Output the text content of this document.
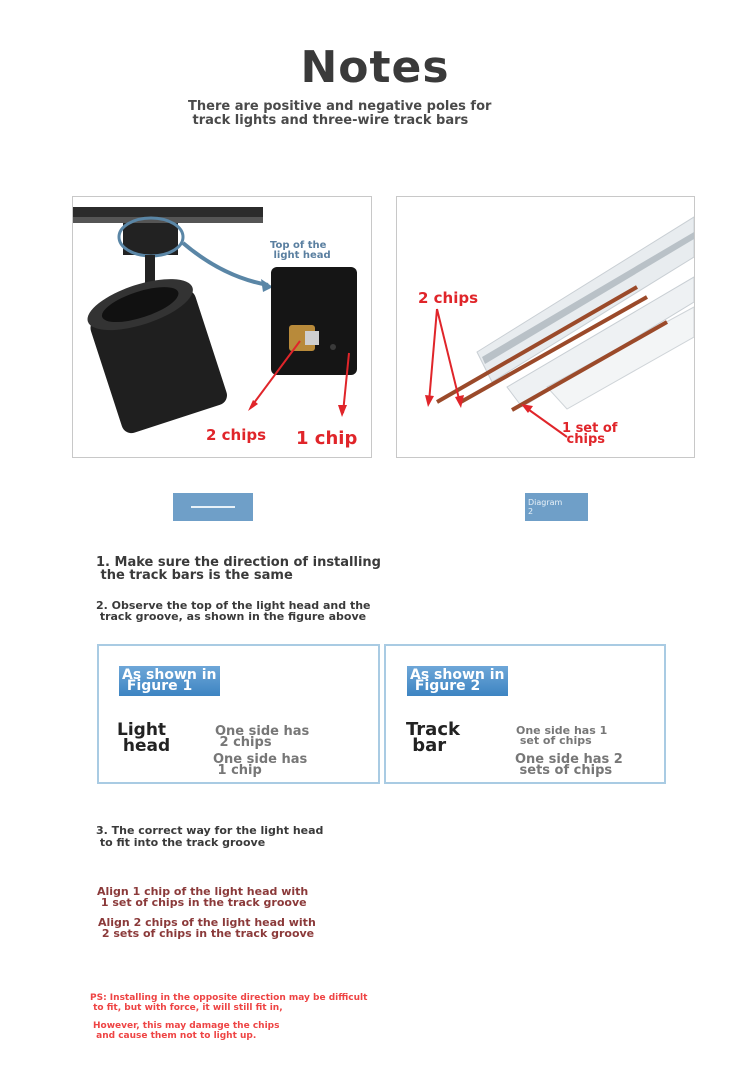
Notes
There are positive and negative poles for
track lights and three-wire track bars
Top of the
light head
2 chips 1 chip
2 chips
1 set of
chips
Diagram
2
1. Make sure the direction of installing
the track bars is the same
2. Observe the top of the light head and the
track groove, as shown in the figure above
As shown in
Figure 1
Light
head
One side has
2 chips
One side has
1 chip
As shown in
Figure 2
Track
bar
One side has 1
set of chips
One side has 2
sets of chips
3. The correct way for the light head
to fit into the track groove
Align 1 chip of the light head with
1 set of chips in the track groove
Align 2 chips of the light head with
2 sets of chips in the track groove
PS: Installing in the opposite direction may be difficult
to fit, but with force, it will still fit in,
However, this may damage the chips
and cause them not to light up.
